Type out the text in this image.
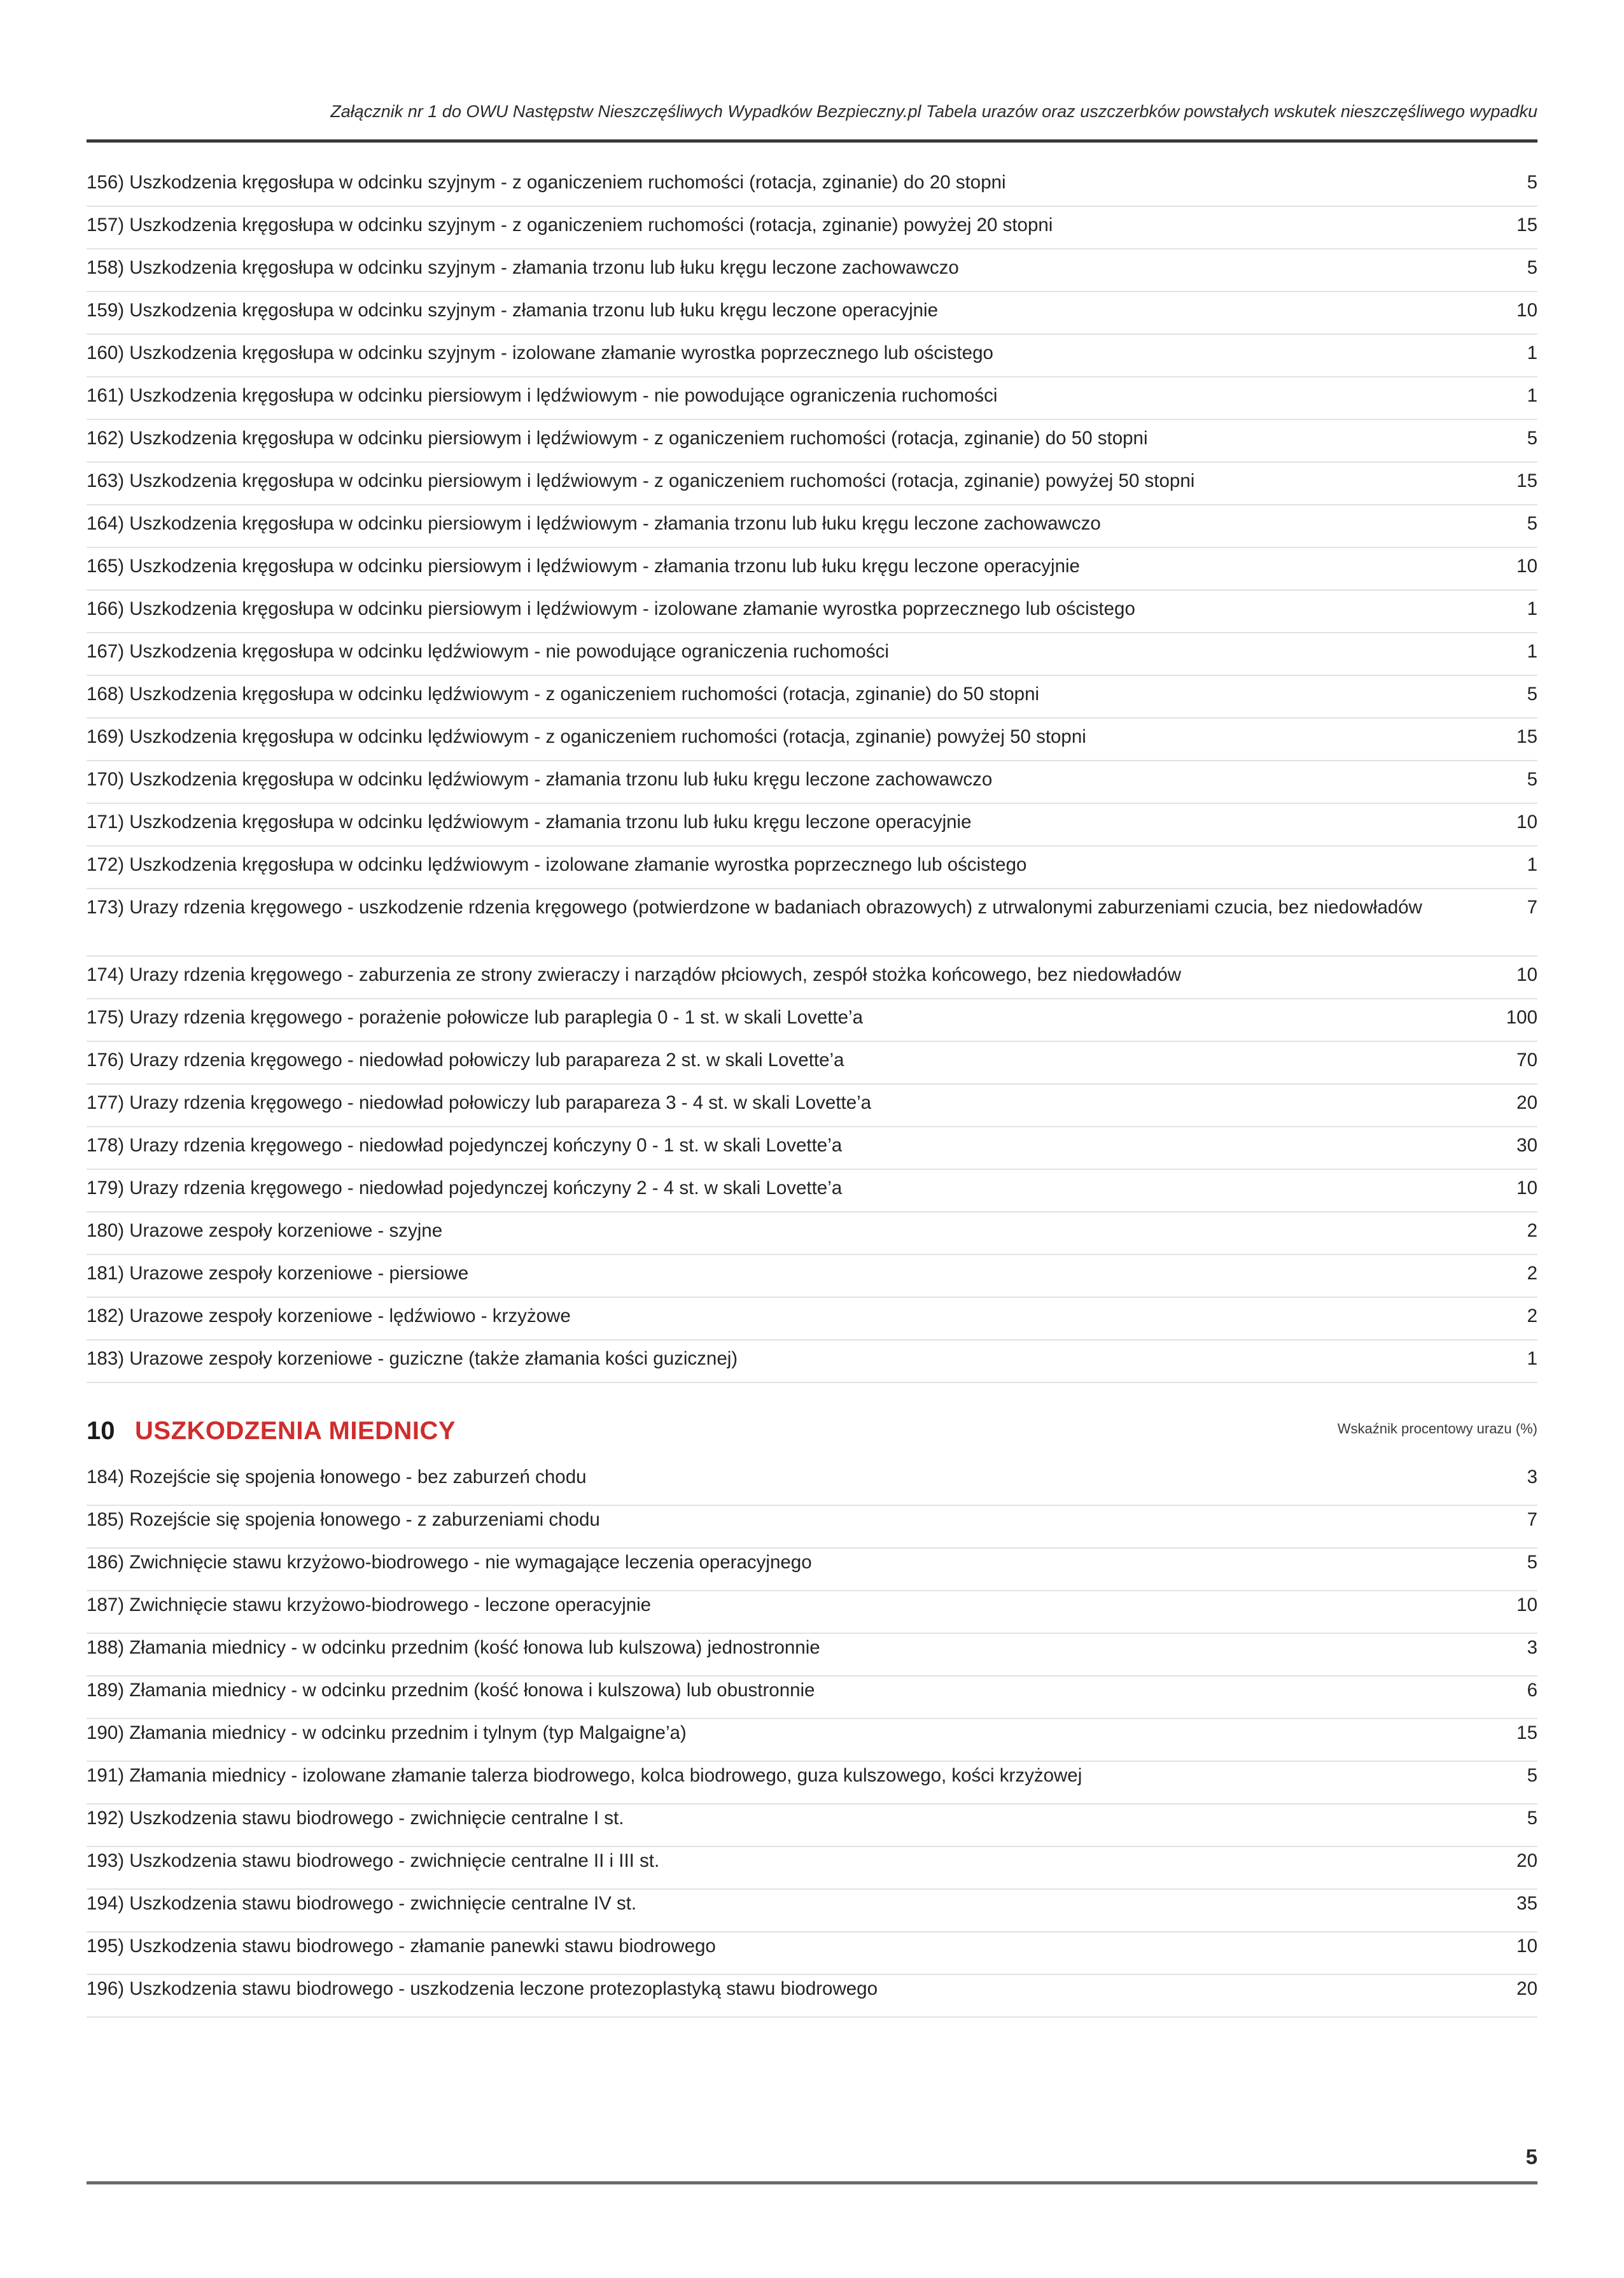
Załącznik nr 1 do OWU Następstw Nieszczęśliwych Wypadków Bezpieczny.pl Tabela urazów oraz uszczerbków powstałych wskutek nieszczęśliwego wypadku
156) Uszkodzenia kręgosłupa w odcinku szyjnym - z oganiczeniem ruchomości (rotacja, zginanie) do 20 stopni	5
157) Uszkodzenia kręgosłupa w odcinku szyjnym - z oganiczeniem ruchomości (rotacja, zginanie) powyżej 20 stopni	15
158) Uszkodzenia kręgosłupa w odcinku szyjnym - złamania trzonu lub łuku kręgu leczone zachowawczo	5
159) Uszkodzenia kręgosłupa w odcinku szyjnym - złamania trzonu lub łuku kręgu leczone operacyjnie	10
160) Uszkodzenia kręgosłupa w odcinku szyjnym - izolowane złamanie wyrostka poprzecznego lub ościstego	1
161) Uszkodzenia kręgosłupa w odcinku piersiowym i lędźwiowym - nie powodujące ograniczenia ruchomości	1
162) Uszkodzenia kręgosłupa w odcinku piersiowym i lędźwiowym - z oganiczeniem ruchomości (rotacja, zginanie) do 50 stopni	5
163) Uszkodzenia kręgosłupa w odcinku piersiowym i lędźwiowym - z oganiczeniem ruchomości (rotacja, zginanie) powyżej 50 stopni	15
164) Uszkodzenia kręgosłupa w odcinku piersiowym i lędźwiowym - złamania trzonu lub łuku kręgu leczone zachowawczo	5
165) Uszkodzenia kręgosłupa w odcinku piersiowym i lędźwiowym - złamania trzonu lub łuku kręgu leczone operacyjnie	10
166) Uszkodzenia kręgosłupa w odcinku piersiowym i lędźwiowym - izolowane złamanie wyrostka poprzecznego lub ościstego	1
167) Uszkodzenia kręgosłupa w odcinku lędźwiowym - nie powodujące ograniczenia ruchomości	1
168) Uszkodzenia kręgosłupa w odcinku lędźwiowym - z oganiczeniem ruchomości (rotacja, zginanie) do 50 stopni	5
169) Uszkodzenia kręgosłupa w odcinku lędźwiowym - z oganiczeniem ruchomości (rotacja, zginanie) powyżej 50 stopni	15
170) Uszkodzenia kręgosłupa w odcinku lędźwiowym - złamania trzonu lub łuku kręgu leczone zachowawczo	5
171) Uszkodzenia kręgosłupa w odcinku lędźwiowym - złamania trzonu lub łuku kręgu leczone operacyjnie	10
172) Uszkodzenia kręgosłupa w odcinku lędźwiowym - izolowane złamanie wyrostka poprzecznego lub ościstego	1
173) Urazy rdzenia kręgowego - uszkodzenie rdzenia kręgowego (potwierdzone w badaniach obrazowych) z utrwalonymi zaburzeniami czucia, bez niedowładów	7
174) Urazy rdzenia kręgowego - zaburzenia ze strony zwieraczy i narządów płciowych, zespół stożka końcowego, bez niedowładów	10
175) Urazy rdzenia kręgowego - porażenie połowicze lub paraplegia 0 - 1 st. w skali Lovette’a	100
176) Urazy rdzenia kręgowego - niedowład połowiczy lub parapareza 2 st. w skali Lovette’a	70
177) Urazy rdzenia kręgowego - niedowład połowiczy lub parapareza 3 - 4 st. w skali Lovette’a	20
178) Urazy rdzenia kręgowego - niedowład pojedynczej kończyny 0 - 1 st. w skali Lovette’a	30
179) Urazy rdzenia kręgowego - niedowład pojedynczej kończyny 2 - 4 st. w skali Lovette’a	10
180) Urazowe zespoły korzeniowe - szyjne	2
181) Urazowe zespoły korzeniowe - piersiowe	2
182) Urazowe zespoły korzeniowe - lędźwiowo - krzyżowe	2
183) Urazowe zespoły korzeniowe - guziczne (także złamania kości guzicznej)	1
10 USZKODZENIA MIEDNICY	Wskaźnik procentowy urazu (%)
184) Rozejście się spojenia łonowego - bez zaburzeń chodu	3
185) Rozejście się spojenia łonowego - z zaburzeniami chodu	7
186) Zwichnięcie stawu krzyżowo-biodrowego - nie wymagające leczenia operacyjnego	5
187) Zwichnięcie stawu krzyżowo-biodrowego - leczone operacyjnie	10
188) Złamania miednicy - w odcinku przednim (kość łonowa lub kulszowa) jednostronnie	3
189) Złamania miednicy - w odcinku przednim (kość łonowa i kulszowa) lub obustronnie	6
190) Złamania miednicy - w odcinku przednim i tylnym (typ Malgaigne’a)	15
191) Złamania miednicy - izolowane złamanie talerza biodrowego, kolca biodrowego, guza kulszowego, kości krzyżowej	5
192) Uszkodzenia stawu biodrowego - zwichnięcie centralne I st.	5
193) Uszkodzenia stawu biodrowego - zwichnięcie centralne II i III st.	20
194) Uszkodzenia stawu biodrowego - zwichnięcie centralne IV st.	35
195) Uszkodzenia stawu biodrowego - złamanie panewki stawu biodrowego	10
196) Uszkodzenia stawu biodrowego - uszkodzenia leczone protezoplastyką stawu biodrowego	20
5
